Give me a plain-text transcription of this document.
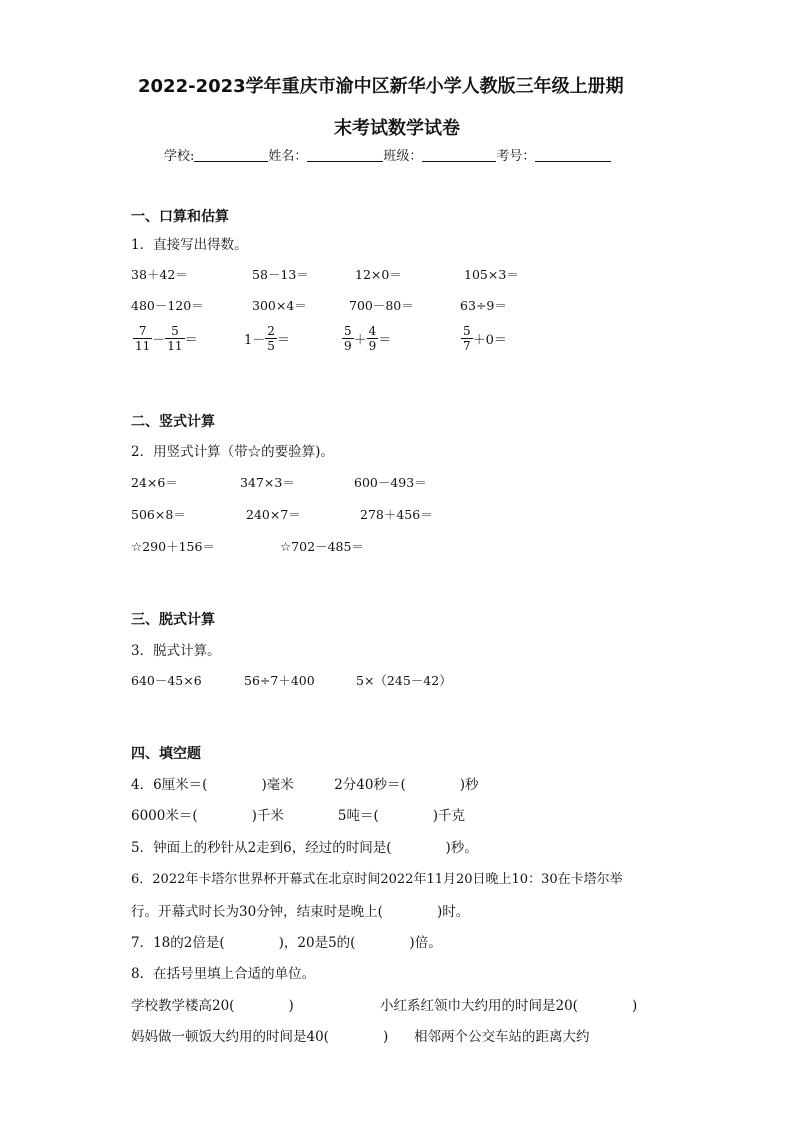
2022-2023学年重庆市渝中区新华小学人教版三年级上册期
末考试数学试卷
学校:	姓名：	班级：	考号：
一、口算和估算
1．直接写出得数。
38＋42＝	58－13＝	12×0＝	105×3＝
480－120＝	300×4＝	700－80＝	63÷9＝
$\frac{7}{11} - \frac{5}{11}$ ＝	$1- \frac{2}{5}$ ＝	$\frac{5}{9} + \frac{4}{9}$ ＝	$\frac{5}{7} +0=$
二、竖式计算
2．用竖式计算（带☆的要验算)。
24×6＝	347×3＝	600－493＝
506×8＝	240×7＝	278＋456＝
☆290＋156＝	☆702－485＝
三、脱式计算
3．脱式计算。
640－45×6	56÷7＋400	5×（245－42）
四、填空题
4．6厘米＝(　　　　)毫米　　　2分40秒＝(　　　　)秒
6000米＝(　　　　)千米　　　　5吨＝(　　　　)千克
5．钟面上的秒针从2走到6，经过的时间是(　　　　)秒。
6．2022年卡塔尔世界杯开幕式在北京时间2022年11月20日晚上10：30在卡塔尔举
行。开幕式时长为30分钟，结束时是晚上(　　　　)时。
7．18的2倍是(　　　　)，20是5的(　　　　)倍。
8．在括号里填上合适的单位。
学校教学楼高20(　　　　)	小红系红领巾大约用的时间是20(　　　　)
妈妈做一顿饭大约用的时间是40(　　　　) 相邻两个公交车站的距离大约
